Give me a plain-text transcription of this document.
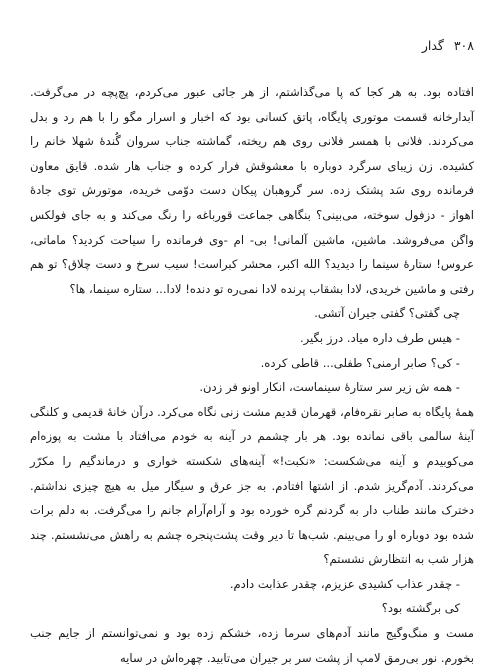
۳۰۸ گدار

افتاده بود. به هر کجا که پا می‌گذاشتم، از هر جائی عبور می‌کردم، پچ‌پچه در می‌گرفت. آبدارخانه قسمت موتوری پایگاه، پاتق کسانی بود که اخبار و اسرار مگو را با هم رد و بدل می‌کردند. فلانی با همسر فلانی روی هم ریخته، گماشته جناب سروان گُندهٔ شهلا خانم را کشیده. زن زیبای سرگرد دوباره با معشوقش فرار کرده و جناب هار شده. قایق معاون فرمانده روی سَد پشتک زده. سر گروهبان پیکان دست دوّمی خریده، موتورش توی جادهٔ اهواز - دزفول سوخته، می‌بینی؟ بنگاهی جماعت قورباغه را رنگ می‌کند و به جای فولکس واگن می‌فروشد. ماشین، ماشین آلمانی! بی- ام -وی فرمانده را سیاحت کردید؟ ماماتی، عروس! ستارهٔ سینما را دیدید؟ الله اکبر، محشر کبراست! سیب سرخ و دست چلاق؟ تو هم رفتی و ماشین خریدی، لادا بشقاب پرنده لادا نمی‌ره تو دنده! لادا... ستاره سینما، ها؟

چی گفتی؟ گفتی جیران آتشی.

- هیس طرف داره میاد. درز بگیر.

- کی؟ صابر ارمنی؟ طفلی... قاطی کرده.

- همه ش زیر سر ستارهٔ سینماست، انکار اونو فر زدن.

همهٔ پایگاه به صابر نقره‌فام، قهرمان قدیم مشت زنی نگاه می‌کرد. درآن خانهٔ قدیمی و کلنگی آینهٔ سالمی باقی نمانده بود. هر بار چشمم در آینه به خودم می‌افتاد با مشت به پوزه‌ام می‌کوبیدم و آینه می‌شکست: «نکبت!» آینه‌های شکسته خواری و درماندگیم را مکرّر می‌کردند. آدم‌گریز شدم. از اشتها افتادم. به جز عرق و سیگار میل به هیچ چیزی نداشتم. دخترک مانند طناب دار به گردنم گره خورده بود و آرام‌آرام جانم را می‌گرفت. به دلم برات شده بود دوباره او را می‌بینم. شب‌ها تا دیر وقت پشت‌پنجره چشم به راهش می‌نشستم. چند هزار شب به انتظارش نشستم؟

- چقدر عذاب کشیدی عزیزم، چقدر عذابت دادم.

کی برگشته بود؟

مست و منگ‌وگیج مانند آدم‌های سرما زده، خشکم زده بود و نمی‌توانستم از جایم جنب بخورم. نور بی‌رمق لامپ از پشت سر بر جیران می‌تابید. چهره‌اش در سایه
